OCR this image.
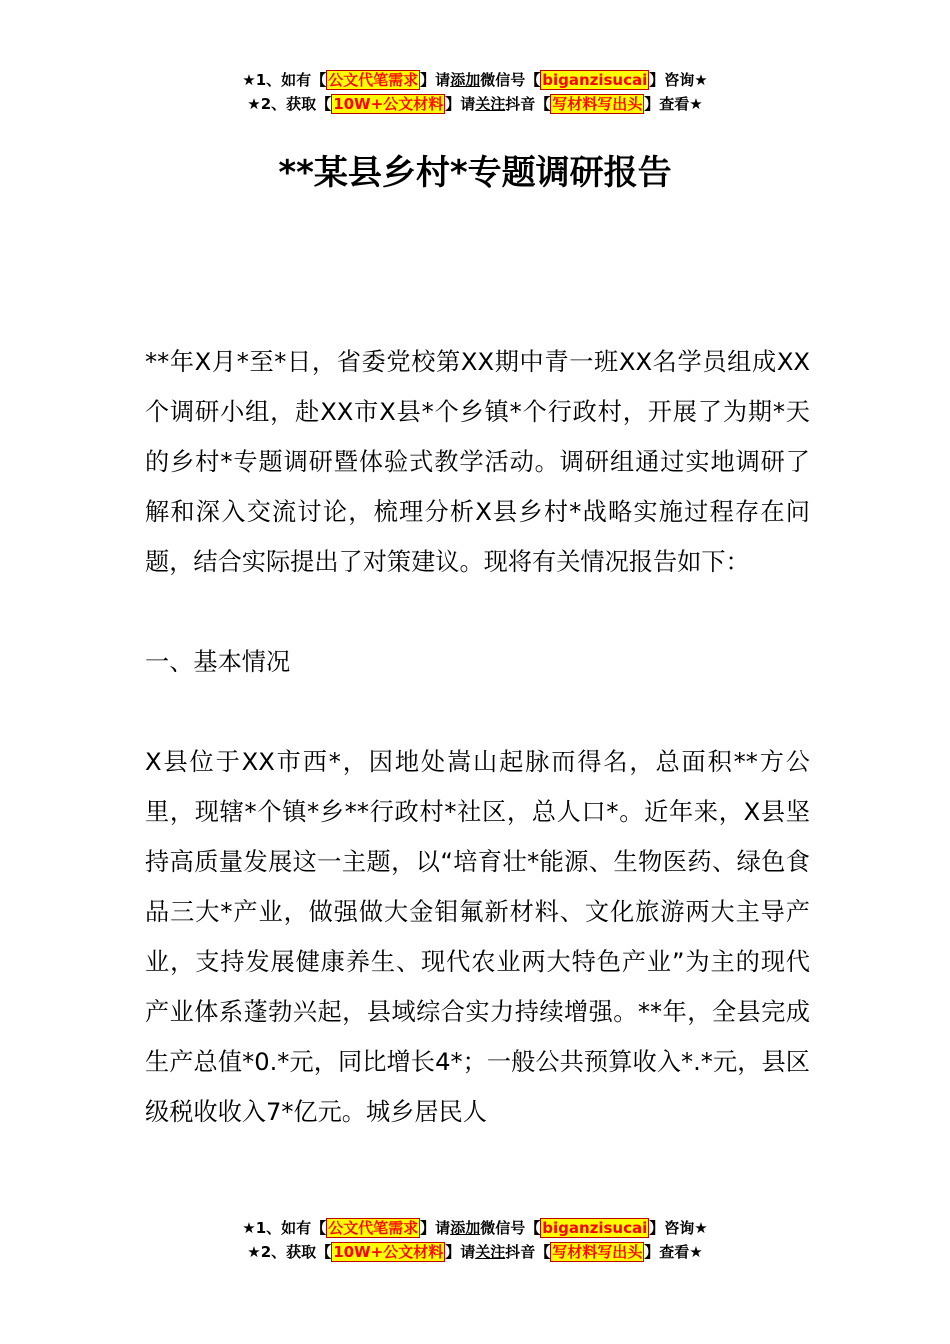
★1、如有【 公文代笔需求 】请添加微信号【 biganzisucai 】咨询★
★2、获取【 10W+公文材料 】请关注抖音【 写材料写出头 】查看★
**某县乡村*专题调研报告

**年X月*至*日，省委党校第XX期中青一班XX名学员组成XX个调研小组，赴XX市X县*个乡镇*个行政村，开展了为期*天的乡村*专题调研暨体验式教学活动。调研组通过实地调研了解和深入交流讨论，梳理分析X县乡村*战略实施过程存在问题，结合实际提出了对策建议。现将有关情况报告如下：

一、基本情况

X县位于XX市西*，因地处嵩山起脉而得名，总面积**方公里，现辖*个镇*乡**行政村*社区，总人口*。近年来，X县坚持高质量发展这一主题，以“培育壮*能源、生物医药、绿色食品三大*产业，做强做大金钼氟新材料、文化旅游两大主导产业，支持发展健康养生、现代农业两大特色产业”为主的现代产业体系蓬勃兴起，县域综合实力持续增强。**年，全县完成生产总值*0.*元，同比增长4*；一般公共预算收入*.*元，县区级税收收入7*亿元。城乡居民人

★1、如有【 公文代笔需求 】请添加微信号【 biganzisucai 】咨询★
★2、获取【 10W+公文材料 】请关注抖音【 写材料写出头 】查看★
